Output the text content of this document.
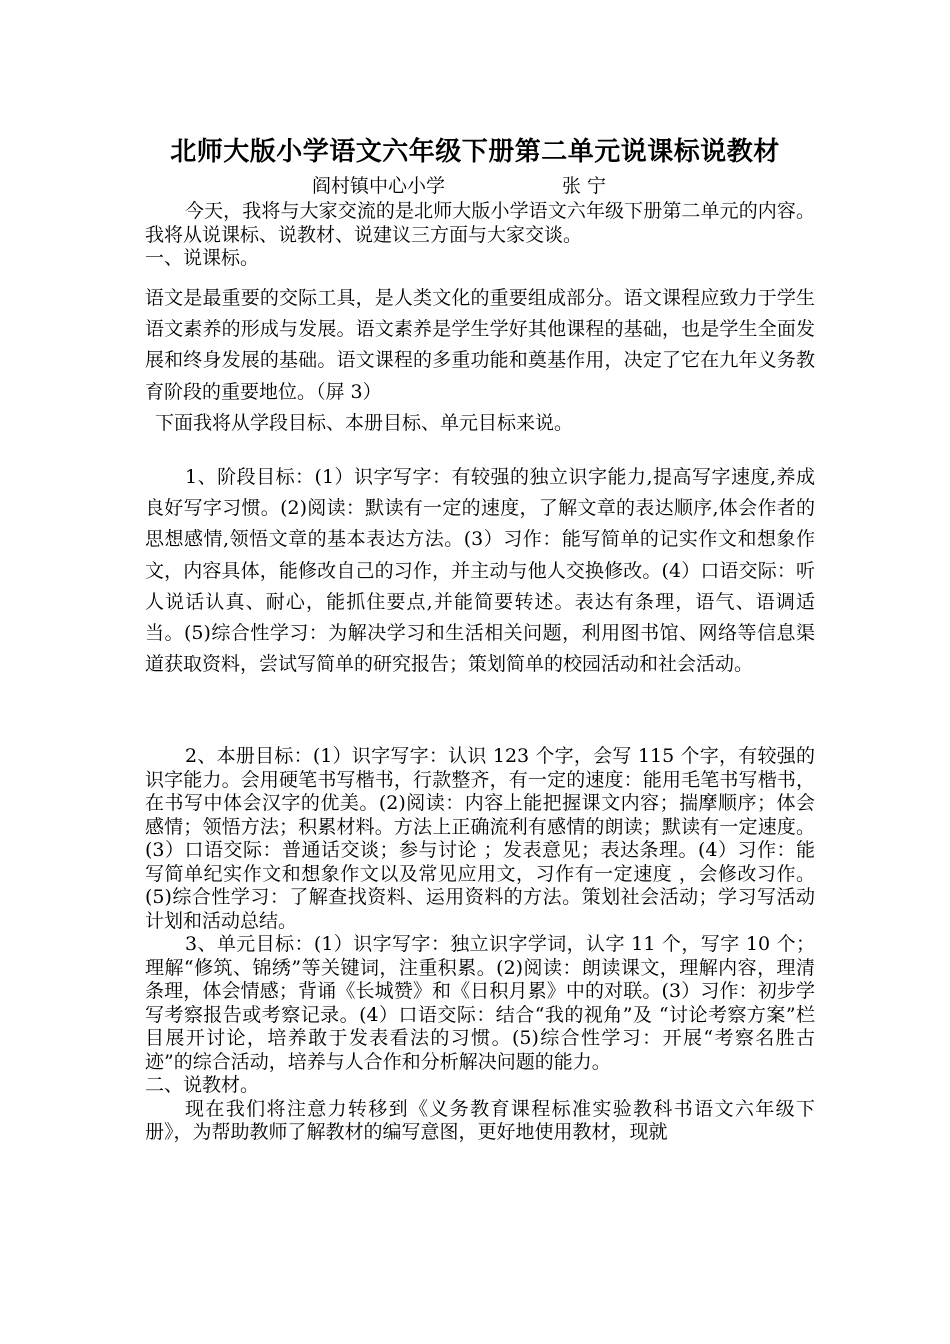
北师大版小学语文六年级下册第二单元说课标说教材
阎村镇中心小学	张 宁

今天，我将与大家交流的是北师大版小学语文六年级下册第二单元的内容。我将从说课标、说教材、说建议三方面与大家交谈。

一、说课标。

语文是最重要的交际工具，是人类文化的重要组成部分。语文课程应致力于学生语文素养的形成与发展。语文素养是学生学好其他课程的基础，也是学生全面发展和终身发展的基础。语文课程的多重功能和奠基作用，决定了它在九年义务教育阶段的重要地位。（屏 3）

下面我将从学段目标、本册目标、单元目标来说。

1、阶段目标：(1）识字写字：有较强的独立识字能力,提高写字速度,养成良好写字习惯。(2)阅读：默读有一定的速度，了解文章的表达顺序,体会作者的思想感情,领悟文章的基本表达方法。(3）习作：能写简单的记实作文和想象作文，内容具体，能修改自己的习作，并主动与他人交换修改。(4）口语交际：听人说话认真、耐心，能抓住要点,并能简要转述。表达有条理，语气、语调适当。(5)综合性学习：为解决学习和生活相关问题，利用图书馆、网络等信息渠道获取资料，尝试写简单的研究报告；策划简单的校园活动和社会活动。

2、本册目标：(1）识字写字：认识 123 个字，会写 115 个字，有较强的识字能力。会用硬笔书写楷书，行款整齐，有一定的速度：能用毛笔书写楷书，在书写中体会汉字的优美。(2)阅读：内容上能把握课文内容；揣摩顺序；体会感情；领悟方法；积累材料。方法上正确流利有感情的朗读；默读有一定速度。(3）口语交际：普通话交谈；参与讨论 ；发表意见；表达条理。(4）习作：能写简单纪实作文和想象作文以及常见应用文，习作有一定速度 ，会修改习作。(5)综合性学习：了解查找资料、运用资料的方法。策划社会活动；学习写活动计划和活动总结。

3、单元目标：(1）识字写字：独立识字学词，认字 11 个，写字 10 个；理解“修筑、锦绣”等关键词，注重积累。(2)阅读：朗读课文，理解内容，理清条理，体会情感；背诵《长城赞》和《日积月累》中的对联。(3）习作：初步学写考察报告或考察记录。(4）口语交际：结合“我的视角”及 “讨论考察方案”栏目展开讨论，培养敢于发表看法的习惯。(5)综合性学习：开展“考察名胜古迹”的综合活动，培养与人合作和分析解决问题的能力。

二、说教材。

现在我们将注意力转移到《义务教育课程标准实验教科书语文六年级下册》，为帮助教师了解教材的编写意图，更好地使用教材，现就
